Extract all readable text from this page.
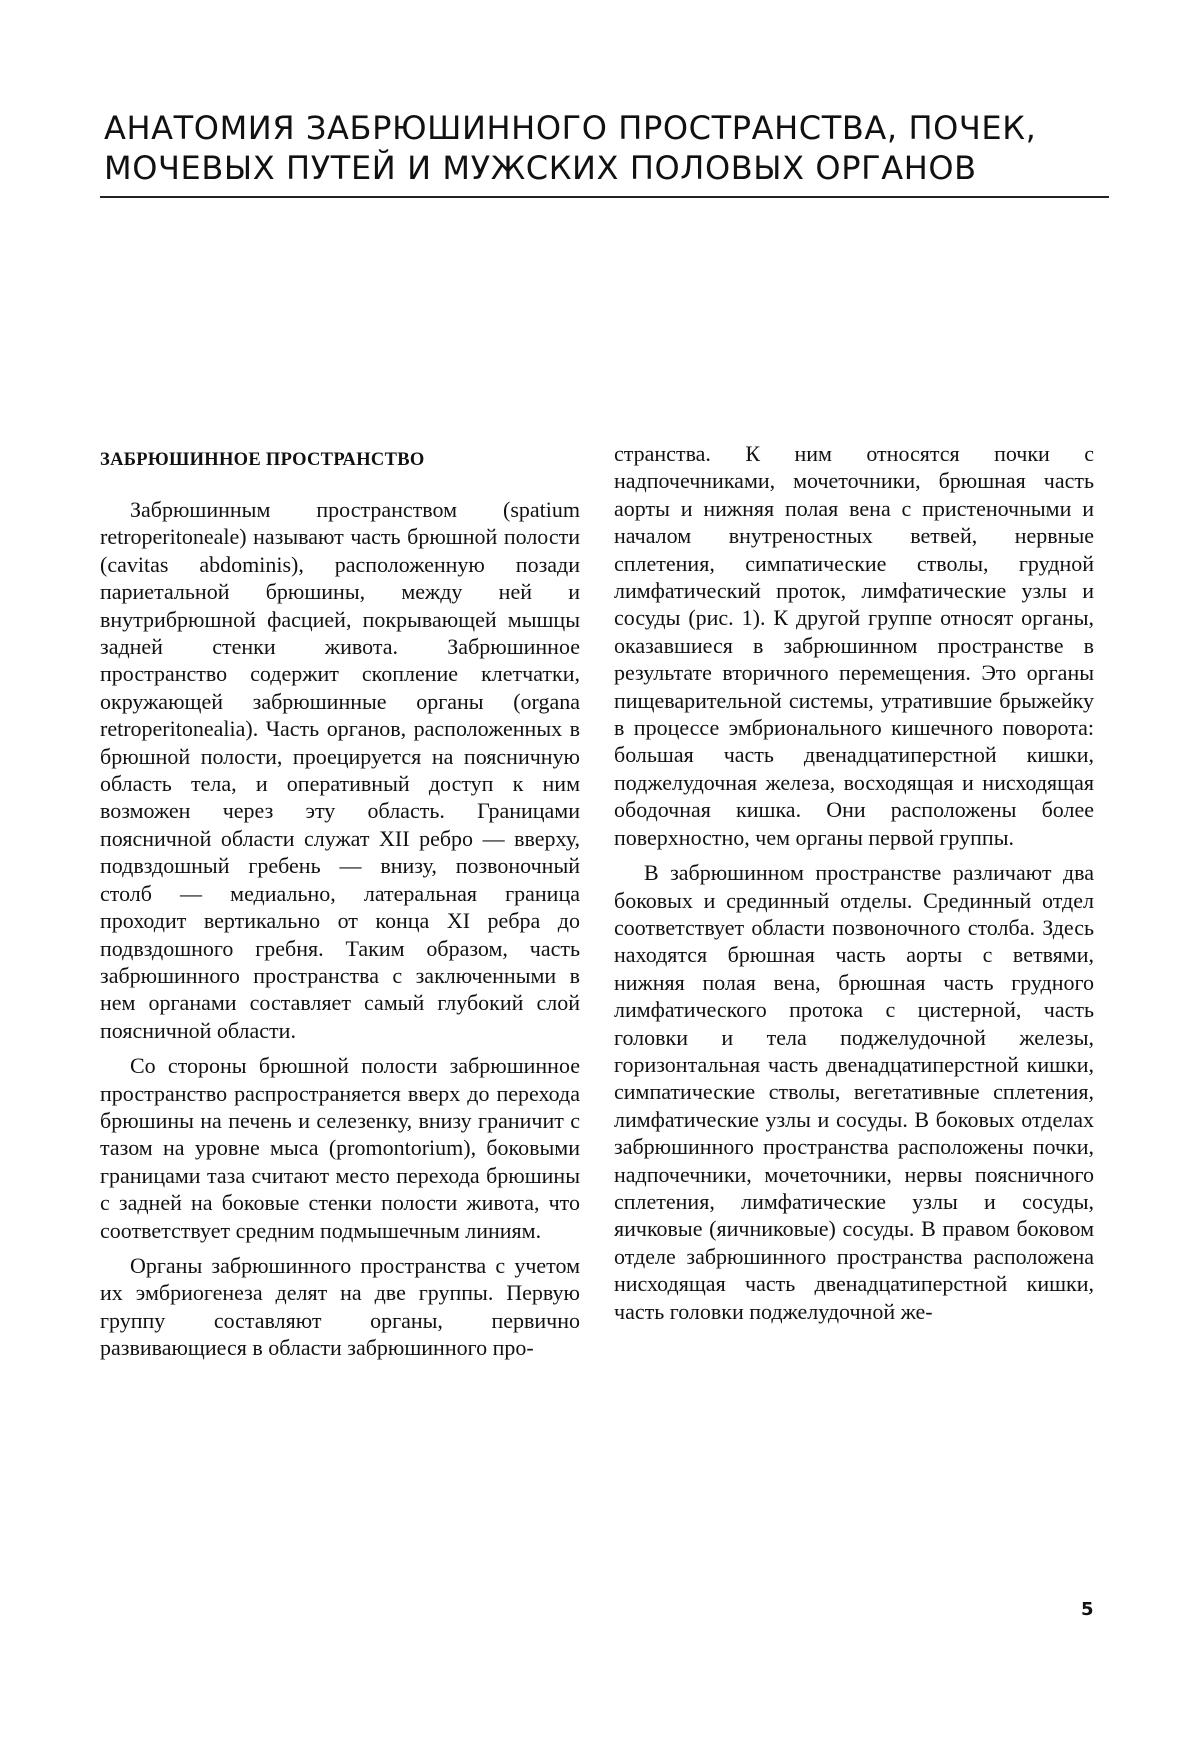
АНАТОМИЯ ЗАБРЮШИННОГО ПРОСТРАНСТВА, ПОЧЕК,
МОЧЕВЫХ ПУТЕЙ И МУЖСКИХ ПОЛОВЫХ ОРГАНОВ
ЗАБРЮШИННОЕ ПРОСТРАНСТВО

Забрюшинным пространством (spatium retroperitoneale) называют часть брюшной полости (cavitas abdominis), расположенную позади париетальной брюшины, между ней и внутрибрюшной фасцией, покрывающей мышцы задней стенки живота. Забрюшинное пространство содержит скопление клетчатки, окружающей забрюшинные органы (organa retroperitonealia). Часть органов, расположенных в брюшной полости, проецируется на поясничную область тела, и оперативный доступ к ним возможен через эту область. Границами поясничной области служат XII ребро — вверху, подвздошный гребень — внизу, позвоночный столб — медиально, латеральная граница проходит вертикально от конца XI ребра до подвздошного гребня. Таким образом, часть забрюшинного пространства с заключенными в нем органами составляет самый глубокий слой поясничной области.

Со стороны брюшной полости забрюшинное пространство распространяется вверх до перехода брюшины на печень и селезенку, внизу граничит с тазом на уровне мыса (promontorium), боковыми границами таза считают место перехода брюшины с задней на боковые стенки полости живота, что соответствует средним подмышечным линиям.

Органы забрюшинного пространства с учетом их эмбриогенеза делят на две группы. Первую группу составляют органы, первично развивающиеся в области забрюшинного про-

странства. К ним относятся почки с надпочечниками, мочеточники, брюшная часть аорты и нижняя полая вена с пристеночными и началом внутреностных ветвей, нервные сплетения, симпатические стволы, грудной лимфатический проток, лимфатические узлы и сосуды (рис. 1). К другой группе относят органы, оказавшиеся в забрюшинном пространстве в результате вторичного перемещения. Это органы пищеварительной системы, утратившие брыжейку в процессе эмбрионального кишечного поворота: большая часть двенадцатиперстной кишки, поджелудочная железа, восходящая и нисходящая ободочная кишка. Они расположены более поверхностно, чем органы первой группы.

В забрюшинном пространстве различают два боковых и срединный отделы. Срединный отдел соответствует области позвоночного столба. Здесь находятся брюшная часть аорты с ветвями, нижняя полая вена, брюшная часть грудного лимфатического протока с цистерной, часть головки и тела поджелудочной железы, горизонтальная часть двенадцатиперстной кишки, симпатические стволы, вегетативные сплетения, лимфатические узлы и сосуды. В боковых отделах забрюшинного пространства расположены почки, надпочечники, мочеточники, нервы поясничного сплетения, лимфатические узлы и сосуды, яичковые (яичниковые) сосуды. В правом боковом отделе забрюшинного пространства расположена нисходящая часть двенадцатиперстной кишки, часть головки поджелудочной же-

5
